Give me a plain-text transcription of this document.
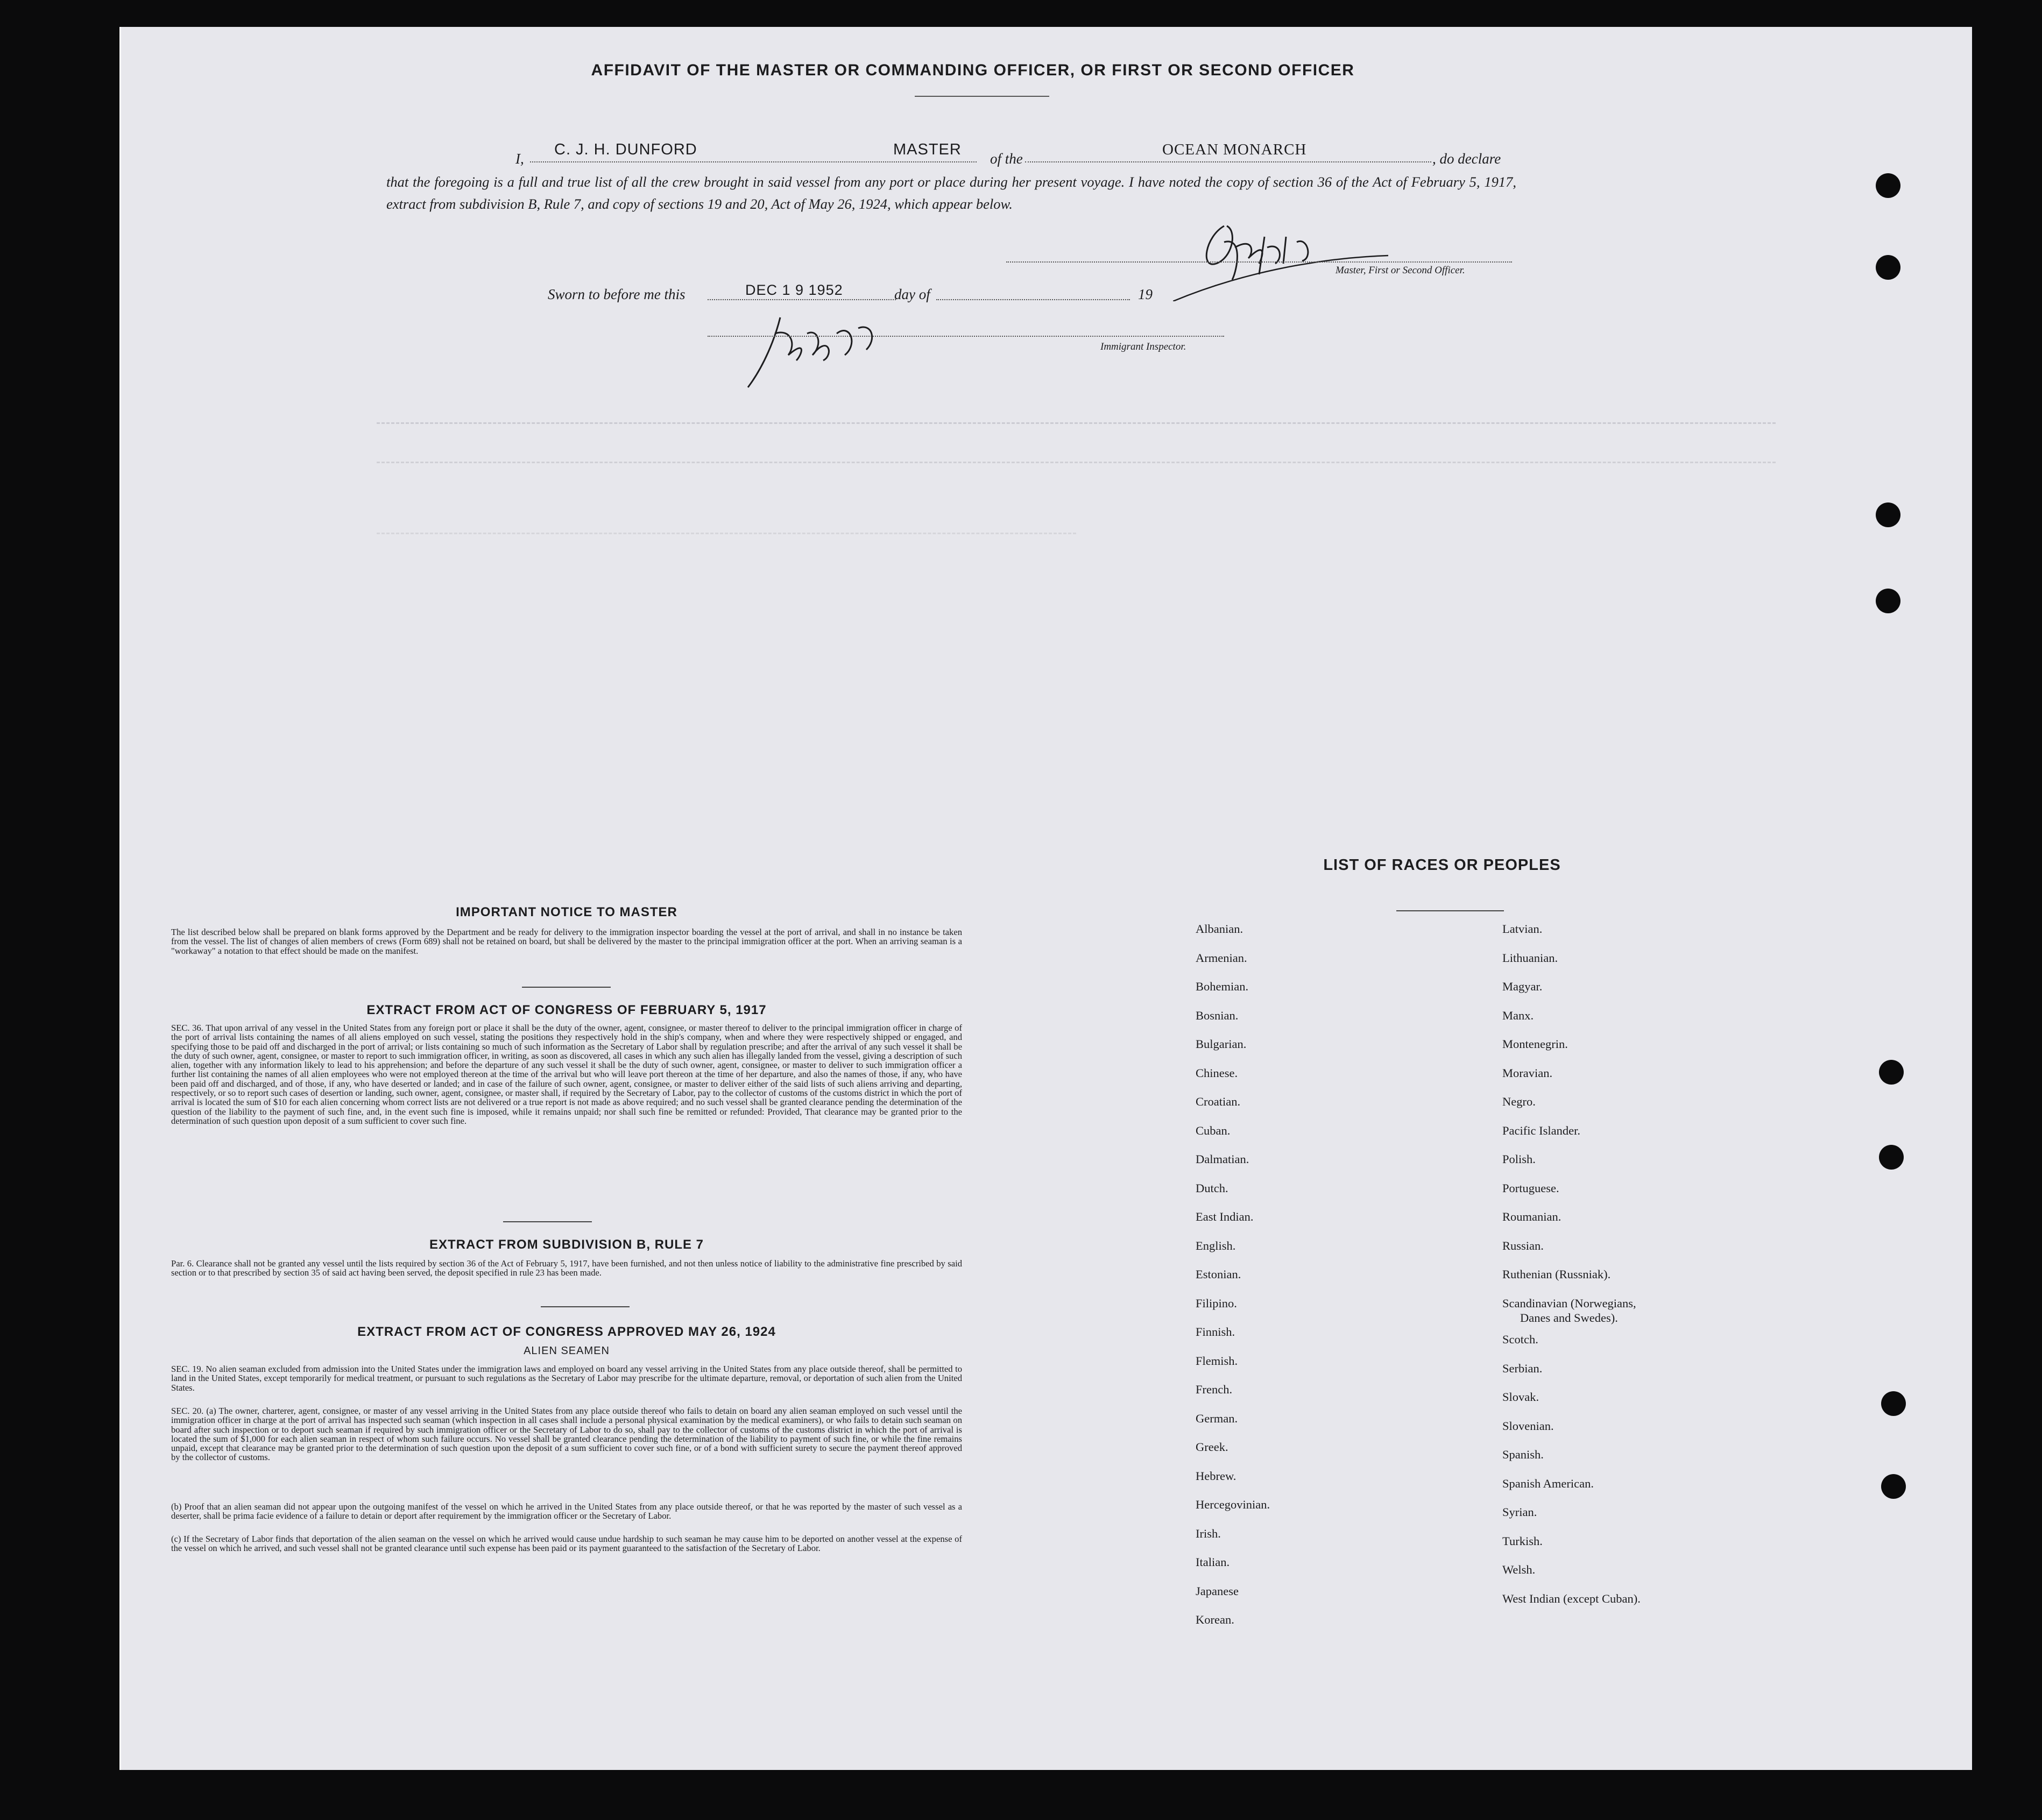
AFFIDAVIT OF THE MASTER OR COMMANDING OFFICER, OR FIRST OR SECOND OFFICER
I,
C. J. H. DUNFORD	MASTER
of the
OCEAN MONARCH
, do declare
that the foregoing is a full and true list of all the crew brought in said vessel from any port or place during her present voyage. I have noted the copy of section 36 of the Act of February 5, 1917, extract from subdivision B, Rule 7, and copy of sections 19 and 20, Act of May 26, 1924, which appear below.
Master, First or Second Officer.
Sworn to before me this	DEC 1 9 1952	day of	19
Immigrant Inspector.
IMPORTANT NOTICE TO MASTER
The list described below shall be prepared on blank forms approved by the Department and be ready for delivery to the immigration inspector boarding the vessel at the port of arrival, and shall in no instance be taken from the vessel. The list of changes of alien members of crews (Form 689) shall not be retained on board, but shall be delivered by the master to the principal immigration officer at the port. When an arriving seaman is a "workaway" a notation to that effect should be made on the manifest.
EXTRACT FROM ACT OF CONGRESS OF FEBRUARY 5, 1917
SEC. 36. That upon arrival of any vessel in the United States from any foreign port or place it shall be the duty of the owner, agent, consignee, or master thereof to deliver to the principal immigration officer in charge of the port of arrival lists containing the names of all aliens employed on such vessel, stating the positions they respectively hold in the ship's company, when and where they were respectively shipped or engaged, and specifying those to be paid off and discharged in the port of arrival; or lists containing so much of such information as the Secretary of Labor shall by regulation prescribe; and after the arrival of any such vessel it shall be the duty of such owner, agent, consignee, or master to report to such immigration officer, in writing, as soon as discovered, all cases in which any such alien has illegally landed from the vessel, giving a description of such alien, together with any information likely to lead to his apprehension; and before the departure of any such vessel it shall be the duty of such owner, agent, consignee, or master to deliver to such immigration officer a further list containing the names of all alien employees who were not employed thereon at the time of the arrival but who will leave port thereon at the time of her departure, and also the names of those, if any, who have been paid off and discharged, and of those, if any, who have deserted or landed; and in case of the failure of such owner, agent, consignee, or master to deliver either of the said lists of such aliens arriving and departing, respectively, or so to report such cases of desertion or landing, such owner, agent, consignee, or master shall, if required by the Secretary of Labor, pay to the collector of customs of the customs district in which the port of arrival is located the sum of $10 for each alien concerning whom correct lists are not delivered or a true report is not made as above required; and no such vessel shall be granted clearance pending the determination of the question of the liability to the payment of such fine, and, in the event such fine is imposed, while it remains unpaid; nor shall such fine be remitted or refunded: Provided, That clearance may be granted prior to the determination of such question upon deposit of a sum sufficient to cover such fine.
EXTRACT FROM SUBDIVISION B, RULE 7
Par. 6. Clearance shall not be granted any vessel until the lists required by section 36 of the Act of February 5, 1917, have been furnished, and not then unless notice of liability to the administrative fine prescribed by said section or to that prescribed by section 35 of said act having been served, the deposit specified in rule 23 has been made.
EXTRACT FROM ACT OF CONGRESS APPROVED MAY 26, 1924
ALIEN SEAMEN
SEC. 19. No alien seaman excluded from admission into the United States under the immigration laws and employed on board any vessel arriving in the United States from any place outside thereof, shall be permitted to land in the United States, except temporarily for medical treatment, or pursuant to such regulations as the Secretary of Labor may prescribe for the ultimate departure, removal, or deportation of such alien from the United States.
SEC. 20. (a) The owner, charterer, agent, consignee, or master of any vessel arriving in the United States from any place outside thereof who fails to detain on board any alien seaman employed on such vessel until the immigration officer in charge at the port of arrival has inspected such seaman (which inspection in all cases shall include a personal physical examination by the medical examiners), or who fails to detain such seaman on board after such inspection or to deport such seaman if required by such immigration officer or the Secretary of Labor to do so, shall pay to the collector of customs of the customs district in which the port of arrival is located the sum of $1,000 for each alien seaman in respect of whom such failure occurs. No vessel shall be granted clearance pending the determination of the liability to payment of such fine, or while the fine remains unpaid, except that clearance may be granted prior to the determination of such question upon the deposit of a sum sufficient to cover such fine, or of a bond with sufficient surety to secure the payment thereof approved by the collector of customs.
(b) Proof that an alien seaman did not appear upon the outgoing manifest of the vessel on which he arrived in the United States from any place outside thereof, or that he was reported by the master of such vessel as a deserter, shall be prima facie evidence of a failure to detain or deport after requirement by the immigration officer or the Secretary of Labor.
(c) If the Secretary of Labor finds that deportation of the alien seaman on the vessel on which he arrived would cause undue hardship to such seaman he may cause him to be deported on another vessel at the expense of the vessel on which he arrived, and such vessel shall not be granted clearance until such expense has been paid or its payment guaranteed to the satisfaction of the Secretary of Labor.
LIST OF RACES OR PEOPLES
Albanian.
Armenian.
Bohemian.
Bosnian.
Bulgarian.
Chinese.
Croatian.
Cuban.
Dalmatian.
Dutch.
East Indian.
English.
Estonian.
Filipino.
Finnish.
Flemish.
French.
German.
Greek.
Hebrew.
Hercegovinian.
Irish.
Italian.
Japanese
Korean.
Latvian.
Lithuanian.
Magyar.
Manx.
Montenegrin.
Moravian.
Negro.
Pacific Islander.
Polish.
Portuguese.
Roumanian.
Russian.
Ruthenian (Russniak).
Scandinavian (Norwegians,
Danes and Swedes).
Scotch.
Serbian.
Slovak.
Slovenian.
Spanish.
Spanish American.
Syrian.
Turkish.
Welsh.
West Indian (except Cuban).
